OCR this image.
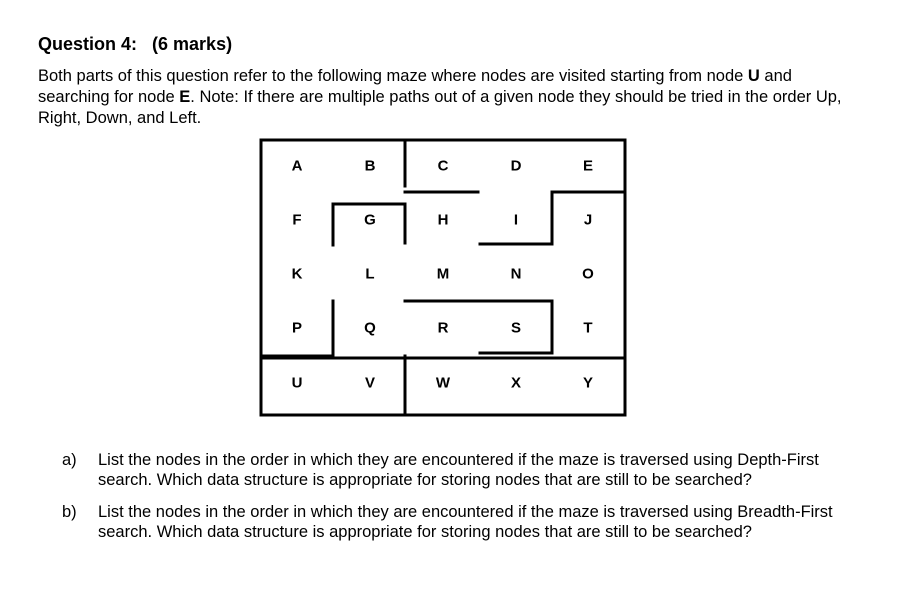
Question 4: (6 marks)
Both parts of this question refer to the following maze where nodes are visited starting from node U and searching for node E. Note: If there are multiple paths out of a given node they should be tried in the order Up, Right, Down, and Left.
A	B	C	D	E
F	G	H	I	J
K	L	M	N	O
P	Q	R	S	T
U	V	W	X	Y
a)	List the nodes in the order in which they are encountered if the maze is traversed using Depth-First search. Which data structure is appropriate for storing nodes that are still to be searched?
b)	List the nodes in the order in which they are encountered if the maze is traversed using Breadth-First search. Which data structure is appropriate for storing nodes that are still to be searched?
